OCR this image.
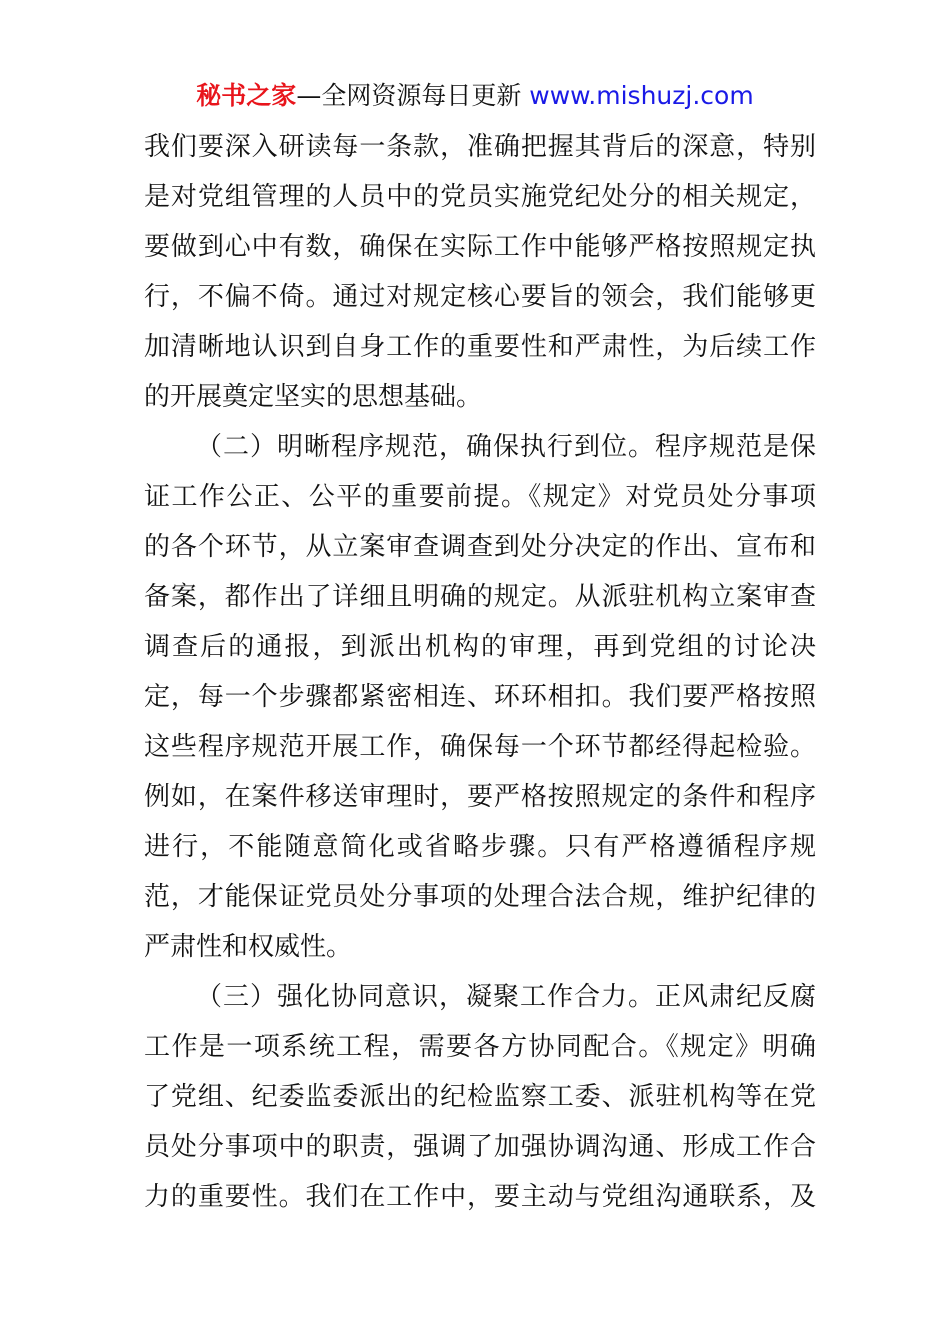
秘书之家—全网资源每日更新 www.mishuzj.com
我们要深入研读每一条款，准确把握其背后的深意，特别
是对党组管理的人员中的党员实施党纪处分的相关规定，
要做到心中有数，确保在实际工作中能够严格按照规定执
行，不偏不倚。通过对规定核心要旨的领会，我们能够更
加清晰地认识到自身工作的重要性和严肃性，为后续工作
的开展奠定坚实的思想基础。
（二）明晰程序规范，确保执行到位。程序规范是保
证工作公正、公平的重要前提。《规定》对党员处分事项
的各个环节，从立案审查调查到处分决定的作出、宣布和
备案，都作出了详细且明确的规定。从派驻机构立案审查
调查后的通报，到派出机构的审理，再到党组的讨论决
定，每一个步骤都紧密相连、环环相扣。我们要严格按照
这些程序规范开展工作，确保每一个环节都经得起检验。
例如，在案件移送审理时，要严格按照规定的条件和程序
进行，不能随意简化或省略步骤。只有严格遵循程序规
范，才能保证党员处分事项的处理合法合规，维护纪律的
严肃性和权威性。
（三）强化协同意识，凝聚工作合力。正风肃纪反腐
工作是一项系统工程，需要各方协同配合。《规定》明确
了党组、纪委监委派出的纪检监察工委、派驻机构等在党
员处分事项中的职责，强调了加强协调沟通、形成工作合
力的重要性。我们在工作中，要主动与党组沟通联系，及
